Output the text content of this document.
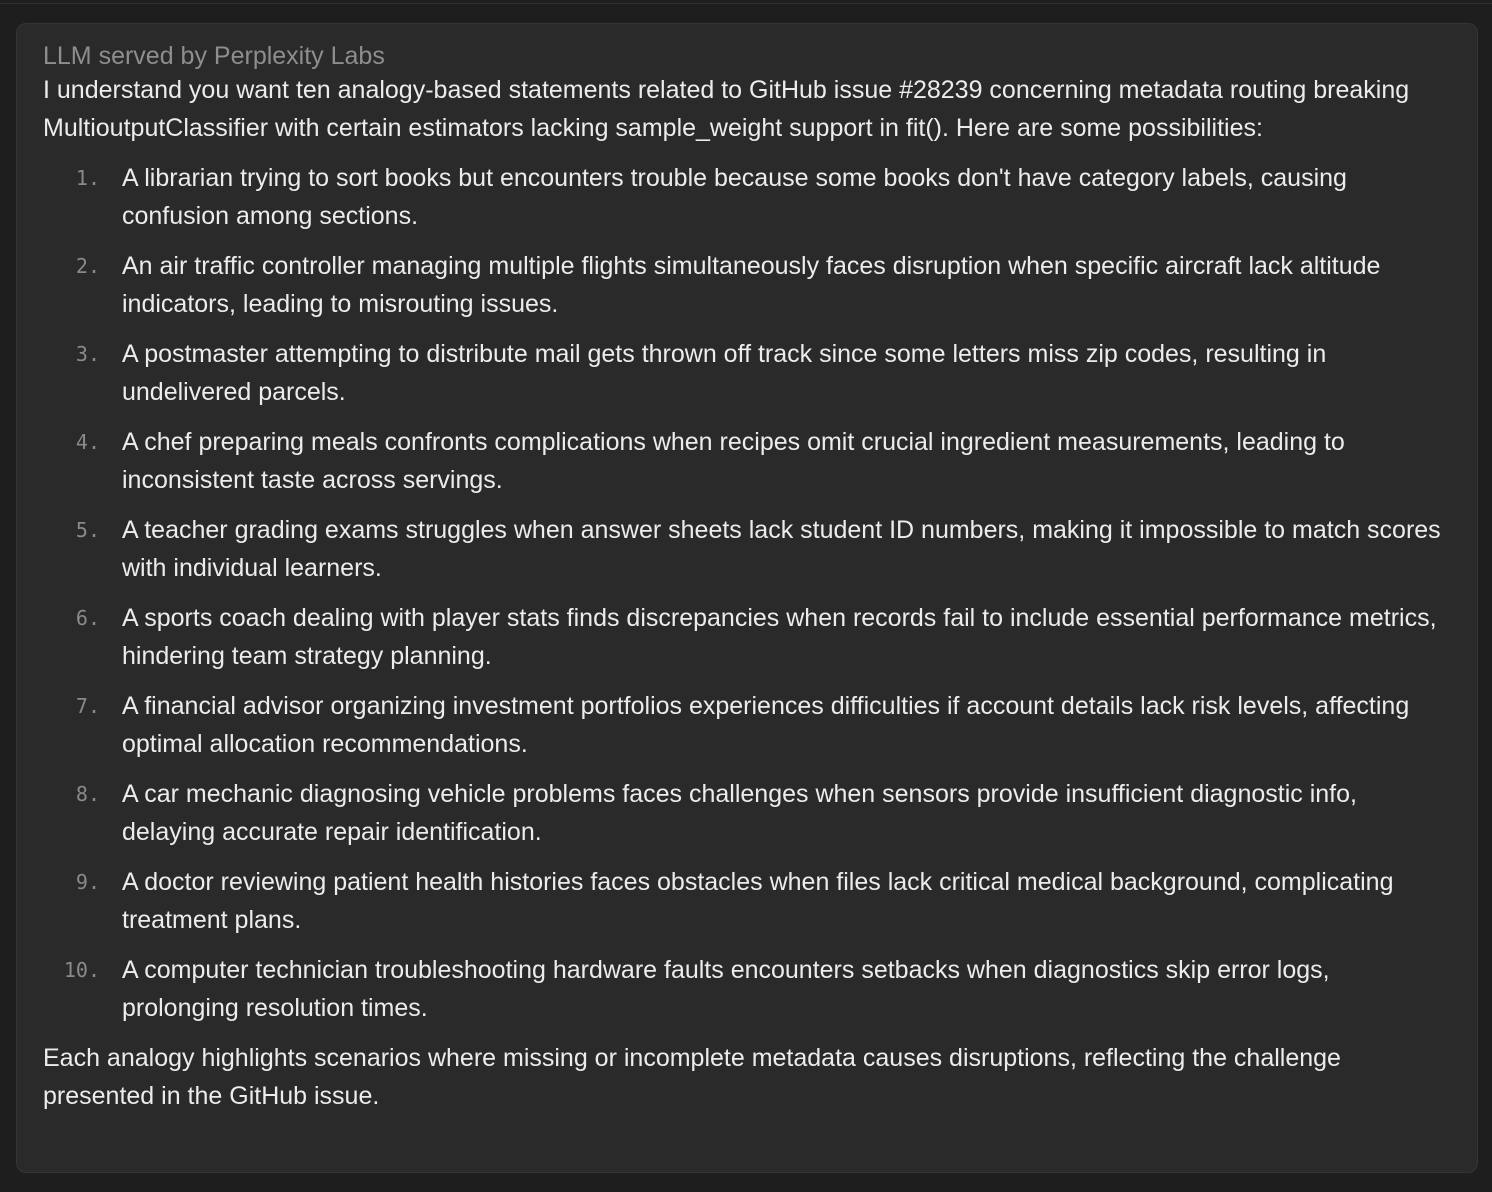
LLM served by Perplexity Labs

I understand you want ten analogy-based statements related to GitHub issue #28239 concerning metadata routing breaking MultioutputClassifier with certain estimators lacking sample_weight support in fit(). Here are some possibilities:

1. A librarian trying to sort books but encounters trouble because some books don't have category labels, causing confusion among sections.
2. An air traffic controller managing multiple flights simultaneously faces disruption when specific aircraft lack altitude indicators, leading to misrouting issues.
3. A postmaster attempting to distribute mail gets thrown off track since some letters miss zip codes, resulting in undelivered parcels.
4. A chef preparing meals confronts complications when recipes omit crucial ingredient measurements, leading to inconsistent taste across servings.
5. A teacher grading exams struggles when answer sheets lack student ID numbers, making it impossible to match scores with individual learners.
6. A sports coach dealing with player stats finds discrepancies when records fail to include essential performance metrics, hindering team strategy planning.
7. A financial advisor organizing investment portfolios experiences difficulties if account details lack risk levels, affecting optimal allocation recommendations.
8. A car mechanic diagnosing vehicle problems faces challenges when sensors provide insufficient diagnostic info, delaying accurate repair identification.
9. A doctor reviewing patient health histories faces obstacles when files lack critical medical background, complicating treatment plans.
10. A computer technician troubleshooting hardware faults encounters setbacks when diagnostics skip error logs, prolonging resolution times.

Each analogy highlights scenarios where missing or incomplete metadata causes disruptions, reflecting the challenge presented in the GitHub issue.
